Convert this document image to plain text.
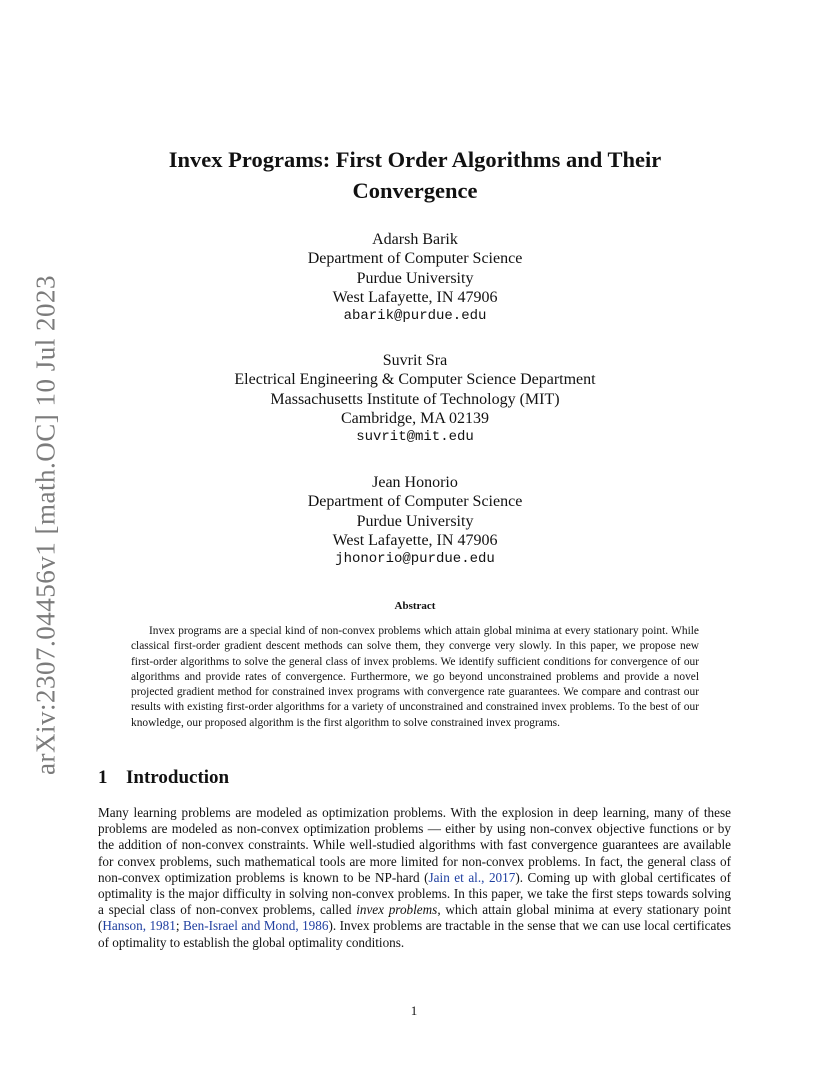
arXiv:2307.04456v1 [math.OC] 10 Jul 2023
Invex Programs: First Order Algorithms and Their
Convergence
Adarsh Barik
Department of Computer Science
Purdue University
West Lafayette, IN 47906
abarik@purdue.edu
Suvrit Sra
Electrical Engineering & Computer Science Department
Massachusetts Institute of Technology (MIT)
Cambridge, MA 02139
suvrit@mit.edu
Jean Honorio
Department of Computer Science
Purdue University
West Lafayette, IN 47906
jhonorio@purdue.edu
Abstract
Invex programs are a special kind of non-convex problems which attain global minima at every stationary point. While classical first-order gradient descent methods can solve them, they converge very slowly. In this paper, we propose new first-order algorithms to solve the general class of invex problems. We identify sufficient conditions for convergence of our algorithms and provide rates of convergence. Furthermore, we go beyond unconstrained problems and provide a novel projected gradient method for constrained invex programs with convergence rate guarantees. We compare and contrast our results with existing first-order algorithms for a variety of unconstrained and constrained invex problems. To the best of our knowledge, our proposed algorithm is the first algorithm to solve constrained invex programs.
1 Introduction
Many learning problems are modeled as optimization problems. With the explosion in deep learning, many of these problems are modeled as non-convex optimization problems — either by using non-convex objective functions or by the addition of non-convex constraints. While well-studied algorithms with fast convergence guarantees are available for convex problems, such mathematical tools are more limited for non-convex problems. In fact, the general class of non-convex optimization problems is known to be NP-hard (Jain et al., 2017). Coming up with global certificates of optimality is the major difficulty in solving non-convex problems. In this paper, we take the first steps towards solving a special class of non-convex problems, called invex problems, which attain global minima at every stationary point (Hanson, 1981; Ben-Israel and Mond, 1986). Invex problems are tractable in the sense that we can use local certificates of optimality to establish the global optimality conditions.
1
